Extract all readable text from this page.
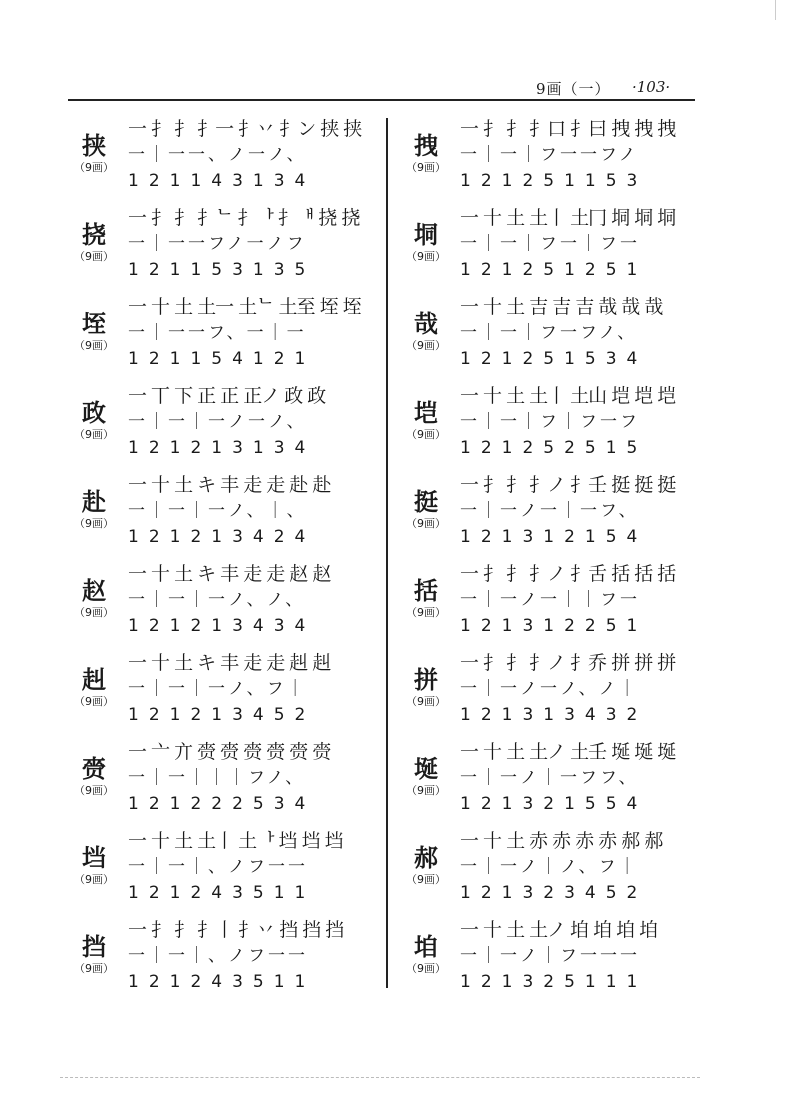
9画（一） ·103·
挟
（9画）
一 扌 扌 扌一 扌丷 扌ン 挟 挟
一｜一一、ノ一ノ、
121143134
挠
（9画）
一 扌 扌 扌ᄂ 扌ᅡ 扌ᅢ 挠 挠
一｜一一フノ一ノフ
121153135
垤
（9画）
一 十 土 土一 土ᄂ 土至 垤 垤
一｜一一フ、一｜一
121154121
政
（9画）
一 丅 下 正 正 正ノ 政 政
一｜一｜一ノ一ノ、
121213134
赴
（9画）
一 十 土 キ 丰 走 走 赴 赴
一｜一｜一ノ、｜、
121213424
赵
（9画）
一 十 土 キ 丰 走 走 赵 赵
一｜一｜一ノ、ノ、
121213434
赳
（9画）
一 十 土 キ 丰 走 走 赳 赳
一｜一｜一ノ、フ｜
121213452
赍
（9画）
一 亠 亣 赍 赍 赍 赍 赍 赍
一｜一｜｜｜フノ、
121222534
垱
（9画）
一 十 土 土丨 土ᅡ 垱 垱 垱
一｜一｜、ノフ一一
121243511
挡
（9画）
一 扌 扌 扌丨 扌丷 挡 挡 挡
一｜一｜、ノフ一一
121243511
拽
（9画）
一 扌 扌 扌口 扌曰 拽 拽 拽
一｜一｜フ一一フノ
121251153
垌
（9画）
一 十 土 土丨 土冂 垌 垌 垌
一｜一｜フ一｜フ一
121251251
哉
（9画）
一 十 土 吉 吉 吉 哉 哉 哉
一｜一｜フ一フノ、
121251534
垲
（9画）
一 十 土 土丨 土山 垲 垲 垲
一｜一｜フ｜フ一フ
121252515
挺
（9画）
一 扌 扌 扌ノ 扌壬 挺 挺 挺
一｜一ノ一｜一フ、
121312154
括
（9画）
一 扌 扌 扌ノ 扌舌 括 括 括
一｜一ノ一｜｜フ一
121312251
拼
（9画）
一 扌 扌 扌ノ 扌乔 拼 拼 拼
一｜一ノ一ノ、ノ｜
121313432
埏
（9画）
一 十 土 土ノ 土壬 埏 埏 埏
一｜一ノ｜一フフ、
121321554
郝
（9画）
一 十 土 赤 赤 赤 赤 郝 郝
一｜一ノ｜ノ、フ｜
121323452
垍
（9画）
一 十 土 土ノ 垍 垍 垍 垍
一｜一ノ｜フ一一一
121325111
